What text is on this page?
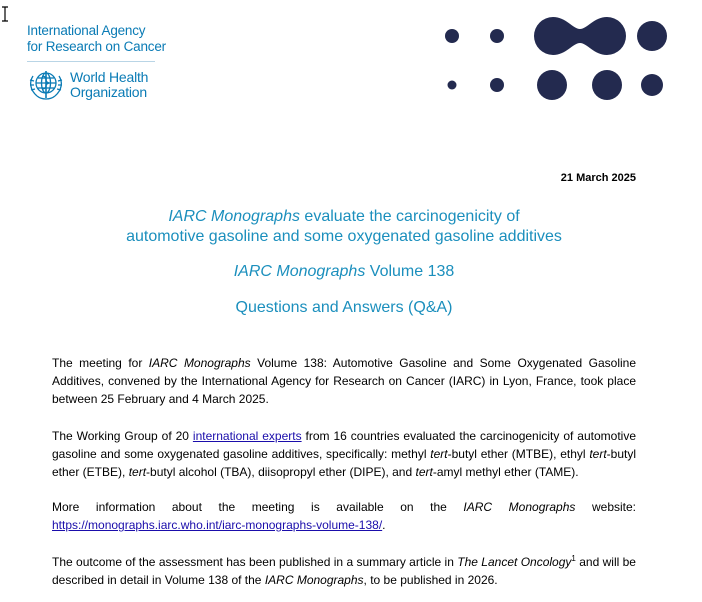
International Agency
for Research on Cancer
World Health
Organization
21 March 2025
IARC Monographs evaluate the carcinogenicity of
automotive gasoline and some oxygenated gasoline additives
IARC Monographs Volume 138
Questions and Answers (Q&A)

The meeting for IARC Monographs Volume 138: Automotive Gasoline and Some Oxygenated Gasoline Additives, convened by the International Agency for Research on Cancer (IARC) in Lyon, France, took place between 25 February and 4 March 2025.

The Working Group of 20 international experts from 16 countries evaluated the carcinogenicity of automotive gasoline and some oxygenated gasoline additives, specifically: methyl tert-butyl ether (MTBE), ethyl tert-butyl ether (ETBE), tert-butyl alcohol (TBA), diisopropyl ether (DIPE), and tert-amyl methyl ether (TAME).

More information about the meeting is available on the IARC Monographs website: https://monographs.iarc.who.int/iarc-monographs-volume-138/.

The outcome of the assessment has been published in a summary article in The Lancet Oncology$^1$ and will be described in detail in Volume 138 of the IARC Monographs, to be published in 2026.
